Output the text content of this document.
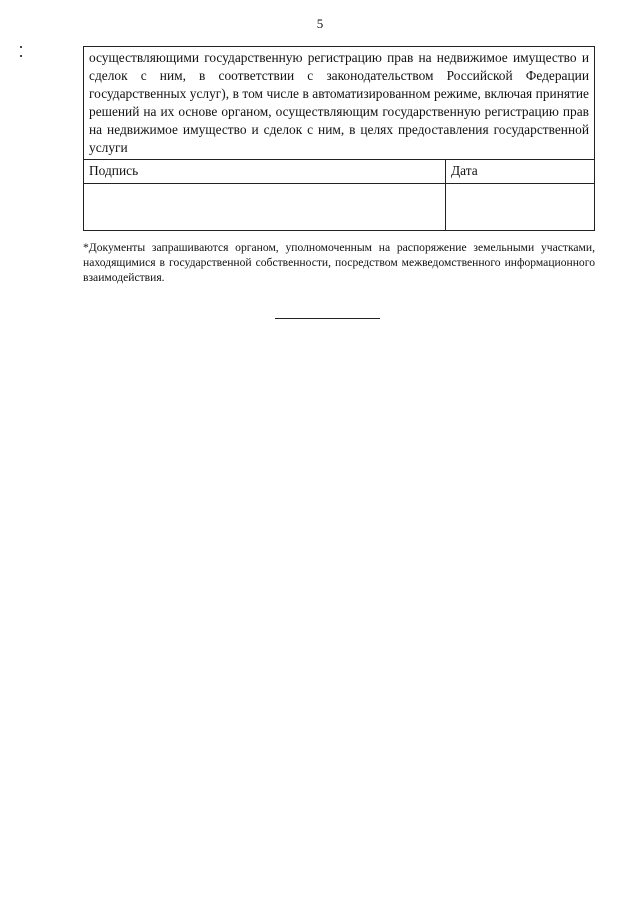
5
осуществляющими государственную регистрацию прав на недвижимое имущество и сделок с ним, в соответствии с законодательством Российской Федерации государственных услуг), в том числе в автоматизированном режиме, включая принятие решений на их основе органом, осуществляющим государственную регистрацию прав на недвижимое имущество и сделок с ним, в целях предоставления государственной услуги	
Подпись	Дата

*Документы запрашиваются органом, уполномоченным на распоряжение земельными участками, находящимися в государственной собственности, посредством межведомственного информационного взаимодействия.
